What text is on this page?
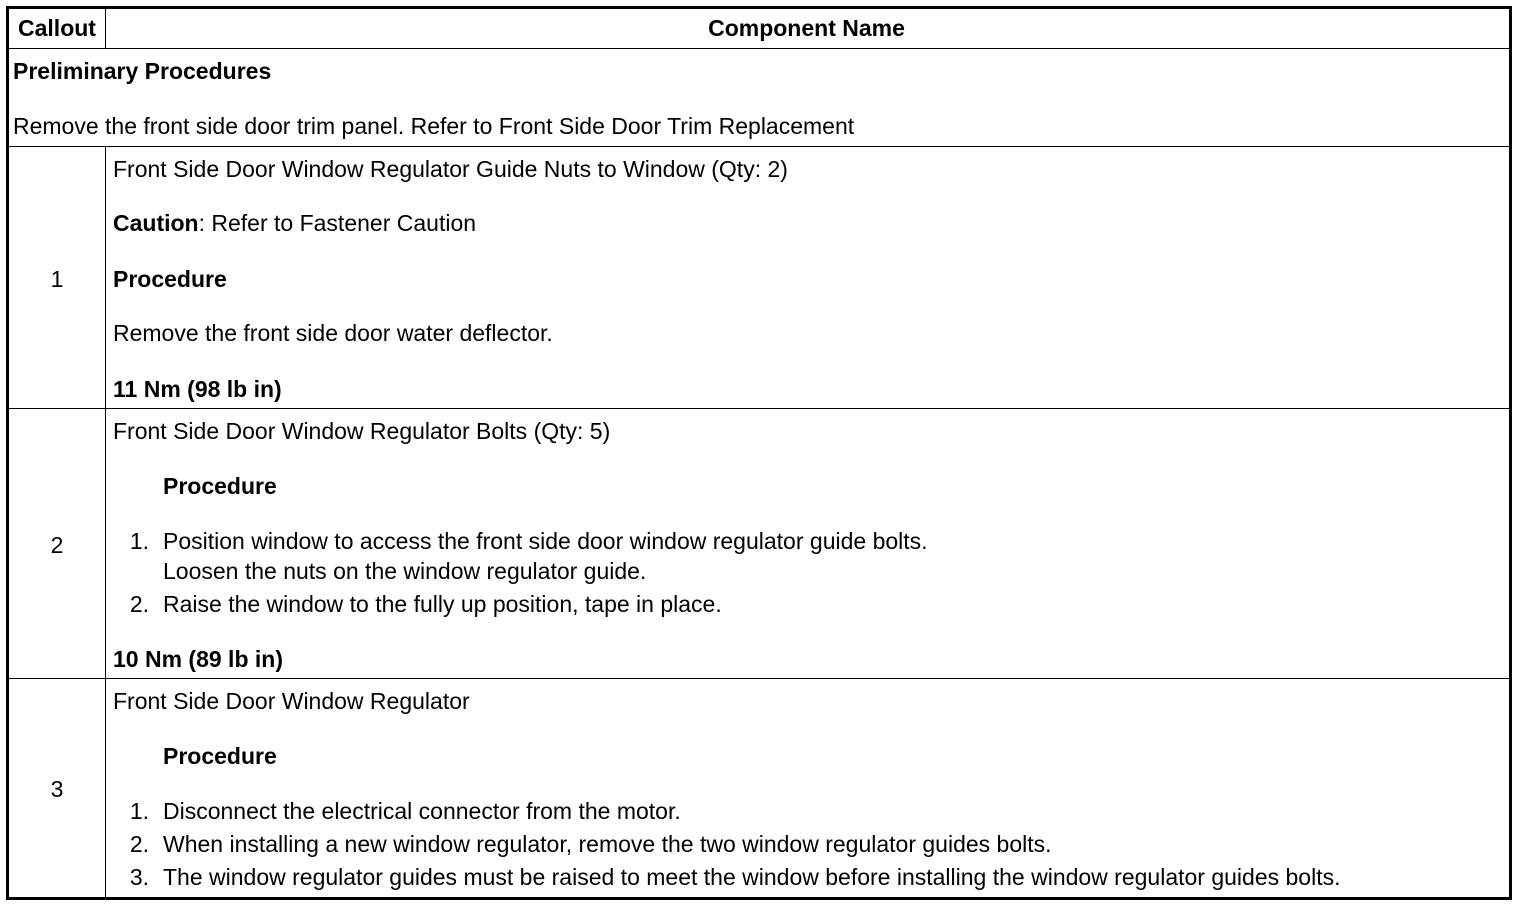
Callout	Component Name
Preliminary Procedures
Remove the front side door trim panel. Refer to Front Side Door Trim Replacement
1
Front Side Door Window Regulator Guide Nuts to Window (Qty: 2)
Caution: Refer to Fastener Caution
Procedure
Remove the front side door water deflector.
11 Nm (98 lb in)
2
Front Side Door Window Regulator Bolts (Qty: 5)
Procedure
1. Position window to access the front side door window regulator guide bolts.
Loosen the nuts on the window regulator guide.
2. Raise the window to the fully up position, tape in place.
10 Nm (89 lb in)
3
Front Side Door Window Regulator
Procedure
1. Disconnect the electrical connector from the motor.
2. When installing a new window regulator, remove the two window regulator guides bolts.
3. The window regulator guides must be raised to meet the window before installing the window regulator guides bolts.
